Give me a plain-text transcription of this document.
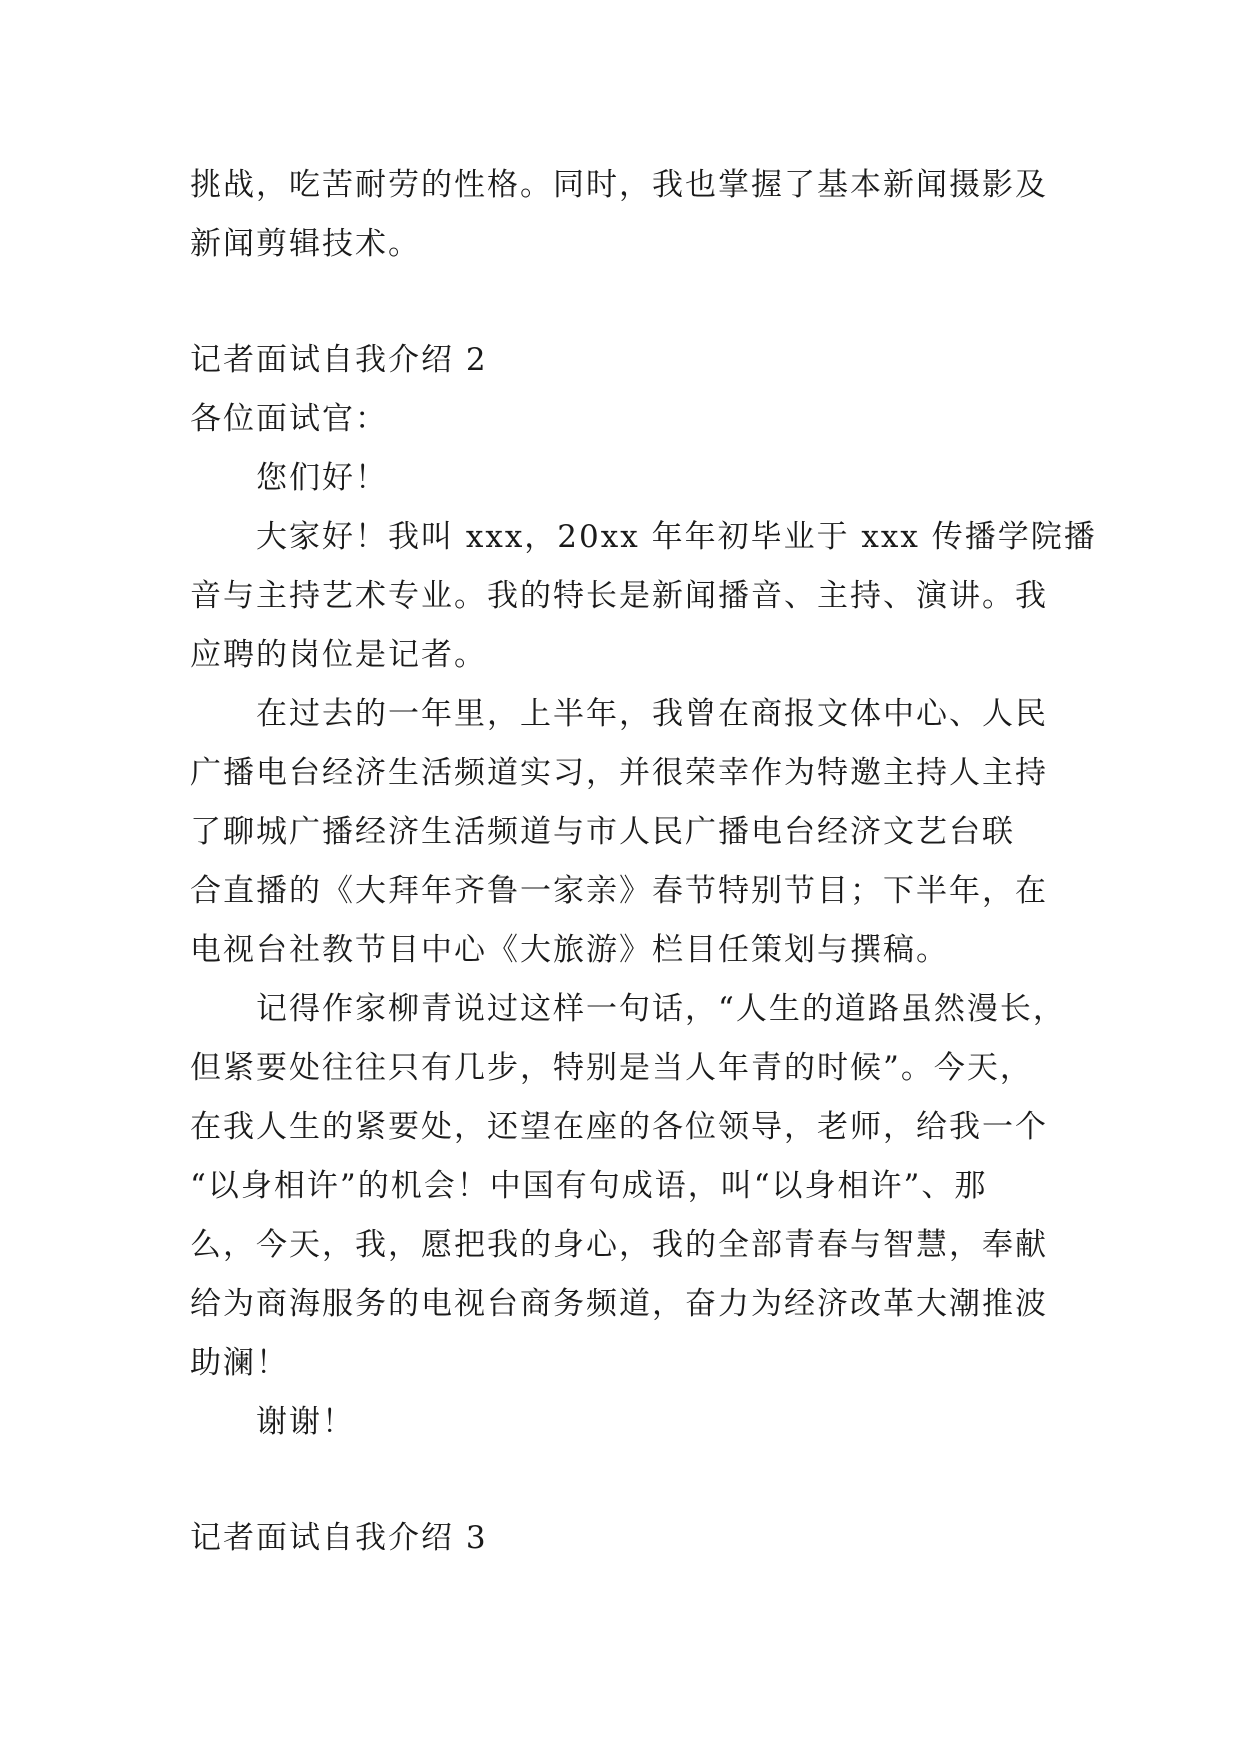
挑战，吃苦耐劳的性格。同时，我也掌握了基本新闻摄影及
新闻剪辑技术。
记者面试自我介绍 2
各位面试官：
您们好！
大家好！我叫 xxx，20xx 年年初毕业于 xxx 传播学院播
音与主持艺术专业。我的特长是新闻播音、主持、演讲。我
应聘的岗位是记者。
在过去的一年里，上半年，我曾在商报文体中心、人民
广播电台经济生活频道实习，并很荣幸作为特邀主持人主持
了聊城广播经济生活频道与市人民广播电台经济文艺台联
合直播的《大拜年齐鲁一家亲》春节特别节目；下半年，在
电视台社教节目中心《大旅游》栏目任策划与撰稿。
记得作家柳青说过这样一句话，“人生的道路虽然漫长，
但紧要处往往只有几步，特别是当人年青的时候”。今天，
在我人生的紧要处，还望在座的各位领导，老师，给我一个
“以身相许”的机会！中国有句成语，叫“以身相许”、那
么，今天，我，愿把我的身心，我的全部青春与智慧，奉献
给为商海服务的电视台商务频道，奋力为经济改革大潮推波
助澜！
谢谢！
记者面试自我介绍 3
